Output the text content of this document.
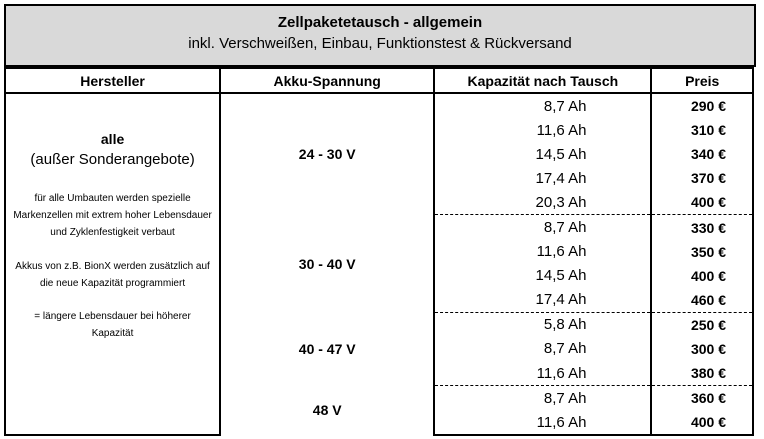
Zellpaketetausch - allgemein
inkl. Verschweißen, Einbau, Funktionstest & Rückversand
Hersteller	Akku-Spannung	Kapazität nach Tausch	Preis

alle
(außer Sonderangebote)
für alle Umbauten werden spezielle Markenzellen mit extrem hoher Lebensdauer und Zyklenfestigkeit verbaut
Akkus von z.B. BionX werden zusätzlich auf die neue Kapazität programmiert
= längere Lebensdauer bei höherer Kapazität	24 - 30 V	8,7 Ah	290 €
		11,6 Ah	310 €
		14,5 Ah	340 €
		17,4 Ah	370 €
		20,3 Ah	400 €
	30 - 40 V	8,7 Ah	330 €
		11,6 Ah	350 €
		14,5 Ah	400 €
		17,4 Ah	460 €
	40 - 47 V	5,8 Ah	250 €
		8,7 Ah	300 €
		11,6 Ah	380 €
	48 V	8,7 Ah	360 €
		11,6 Ah	400 €
